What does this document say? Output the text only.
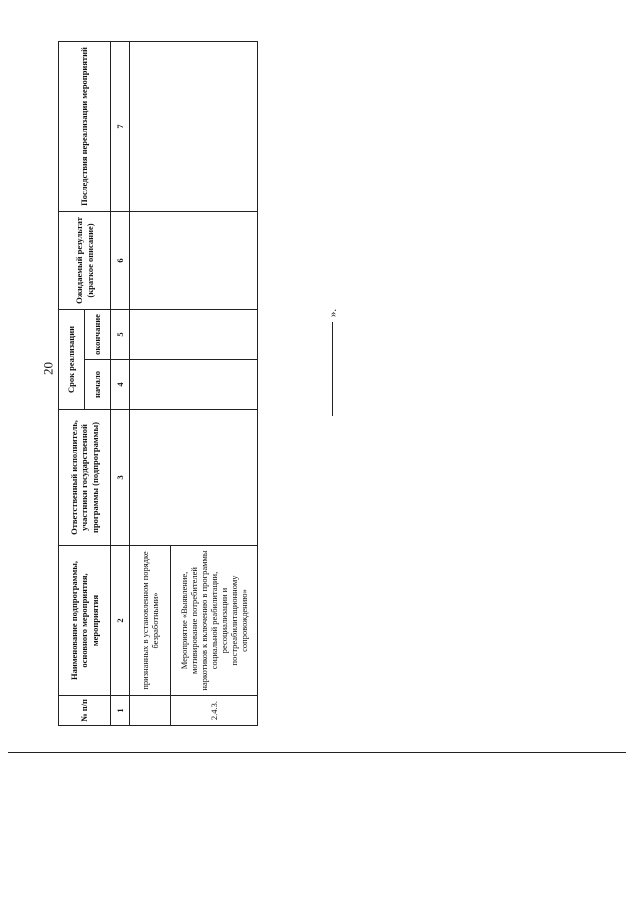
20
№ п/п	Наименование подпрограммы, основного мероприятия, мероприятия	Ответственный исполнитель, участники государственной программы (подпрограммы)	Срок реализации		Ожидаемый результат (краткое описание)	Последствия нереализации мероприятий
			начало	окончание		
1	2	3	4	5	6	7
	признанных в установленном порядке безработными»					
2.4.3.	Мероприятие «Выявление, мотивирование потребителей наркотиков к включению в программы социальной реабилитации, ресоциализации и постреабилитационному сопровождению»					
».
